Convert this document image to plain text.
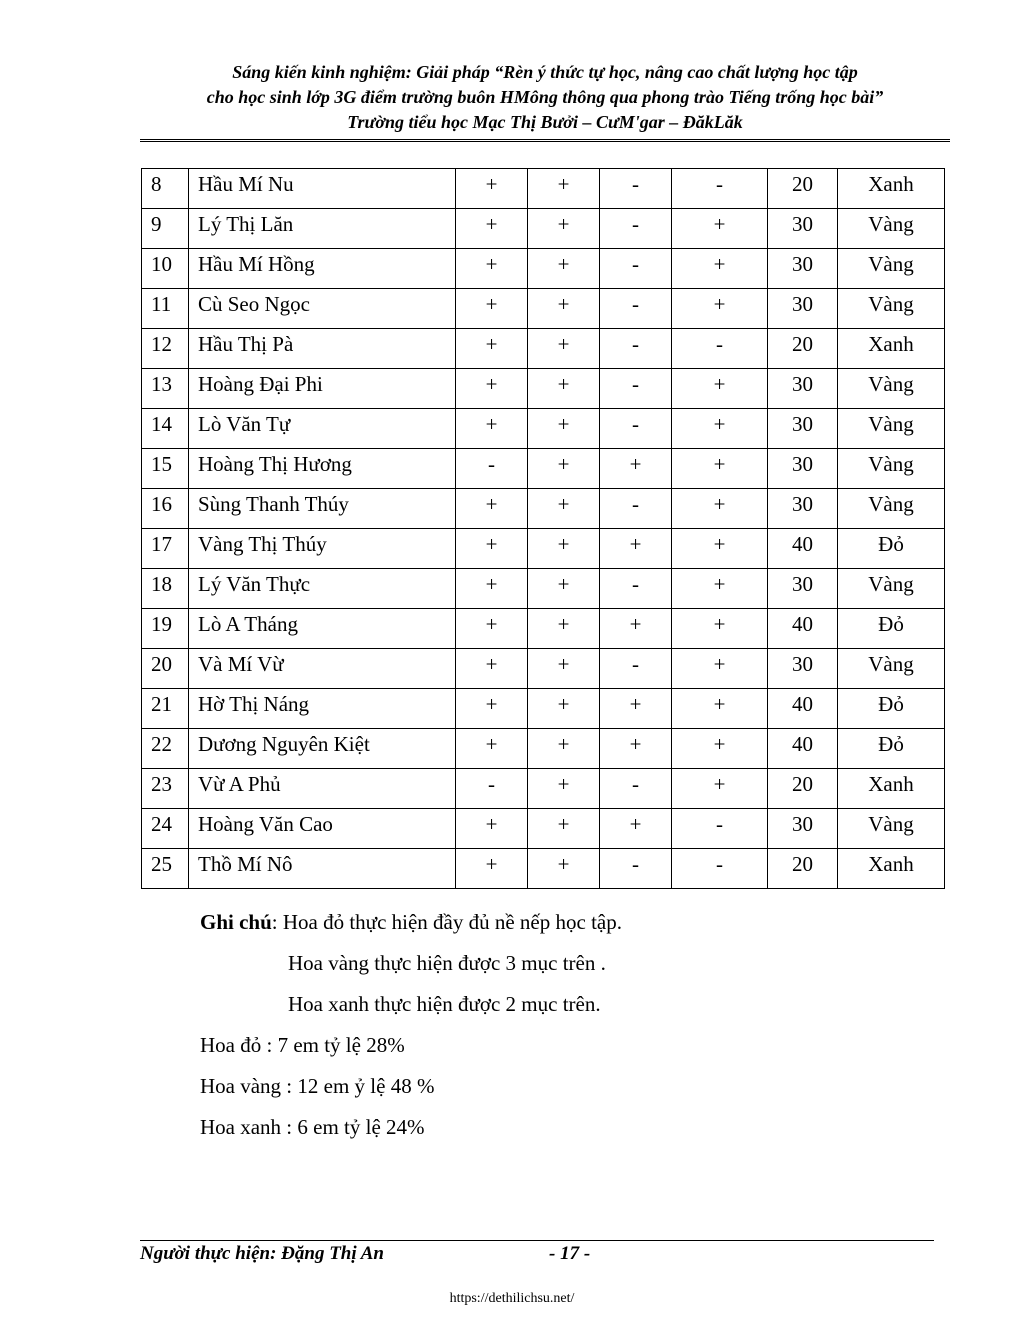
Sáng kiến kinh nghiệm: Giải pháp “Rèn ý thức tự học, nâng cao chất lượng học tập
cho học sinh lớp 3G điểm trường buôn HMông thông qua phong trào Tiếng trống học bài”
Trường tiểu học Mạc Thị Bưởi – CưM'gar – ĐăkLăk
8	Hầu Mí Nu	+	+	-	-	20	Xanh
9	Lý Thị Lăn	+	+	-	+	30	Vàng
10	Hầu Mí Hồng	+	+	-	+	30	Vàng
11	Cù Seo Ngọc	+	+	-	+	30	Vàng
12	Hầu Thị Pà	+	+	-	-	20	Xanh
13	Hoàng Đại Phi	+	+	-	+	30	Vàng
14	Lò Văn Tự	+	+	-	+	30	Vàng
15	Hoàng Thị Hương	-	+	+	+	30	Vàng
16	Sùng Thanh Thúy	+	+	-	+	30	Vàng
17	Vàng Thị Thúy	+	+	+	+	40	Đỏ
18	Lý Văn Thực	+	+	-	+	30	Vàng
19	Lò A Tháng	+	+	+	+	40	Đỏ
20	Và Mí Vừ	+	+	-	+	30	Vàng
21	Hờ Thị Náng	+	+	+	+	40	Đỏ
22	Dương Nguyên Kiệt	+	+	+	+	40	Đỏ
23	Vừ A Phủ	-	+	-	+	20	Xanh
24	Hoàng Văn Cao	+	+	+	-	30	Vàng
25	Thồ Mí Nô	+	+	-	-	20	Xanh
Ghi chú: Hoa đỏ thực hiện đầy đủ nề nếp học tập.
Hoa vàng thực hiện được 3 mục trên .
Hoa xanh thực hiện được 2 mục trên.
Hoa đỏ : 7 em tỷ lệ 28%
Hoa vàng : 12 em ỷ lệ 48 %
Hoa xanh : 6 em tỷ lệ 24%
Người thực hiện: Đặng Thị An	- 17 -
https://dethilichsu.net/
